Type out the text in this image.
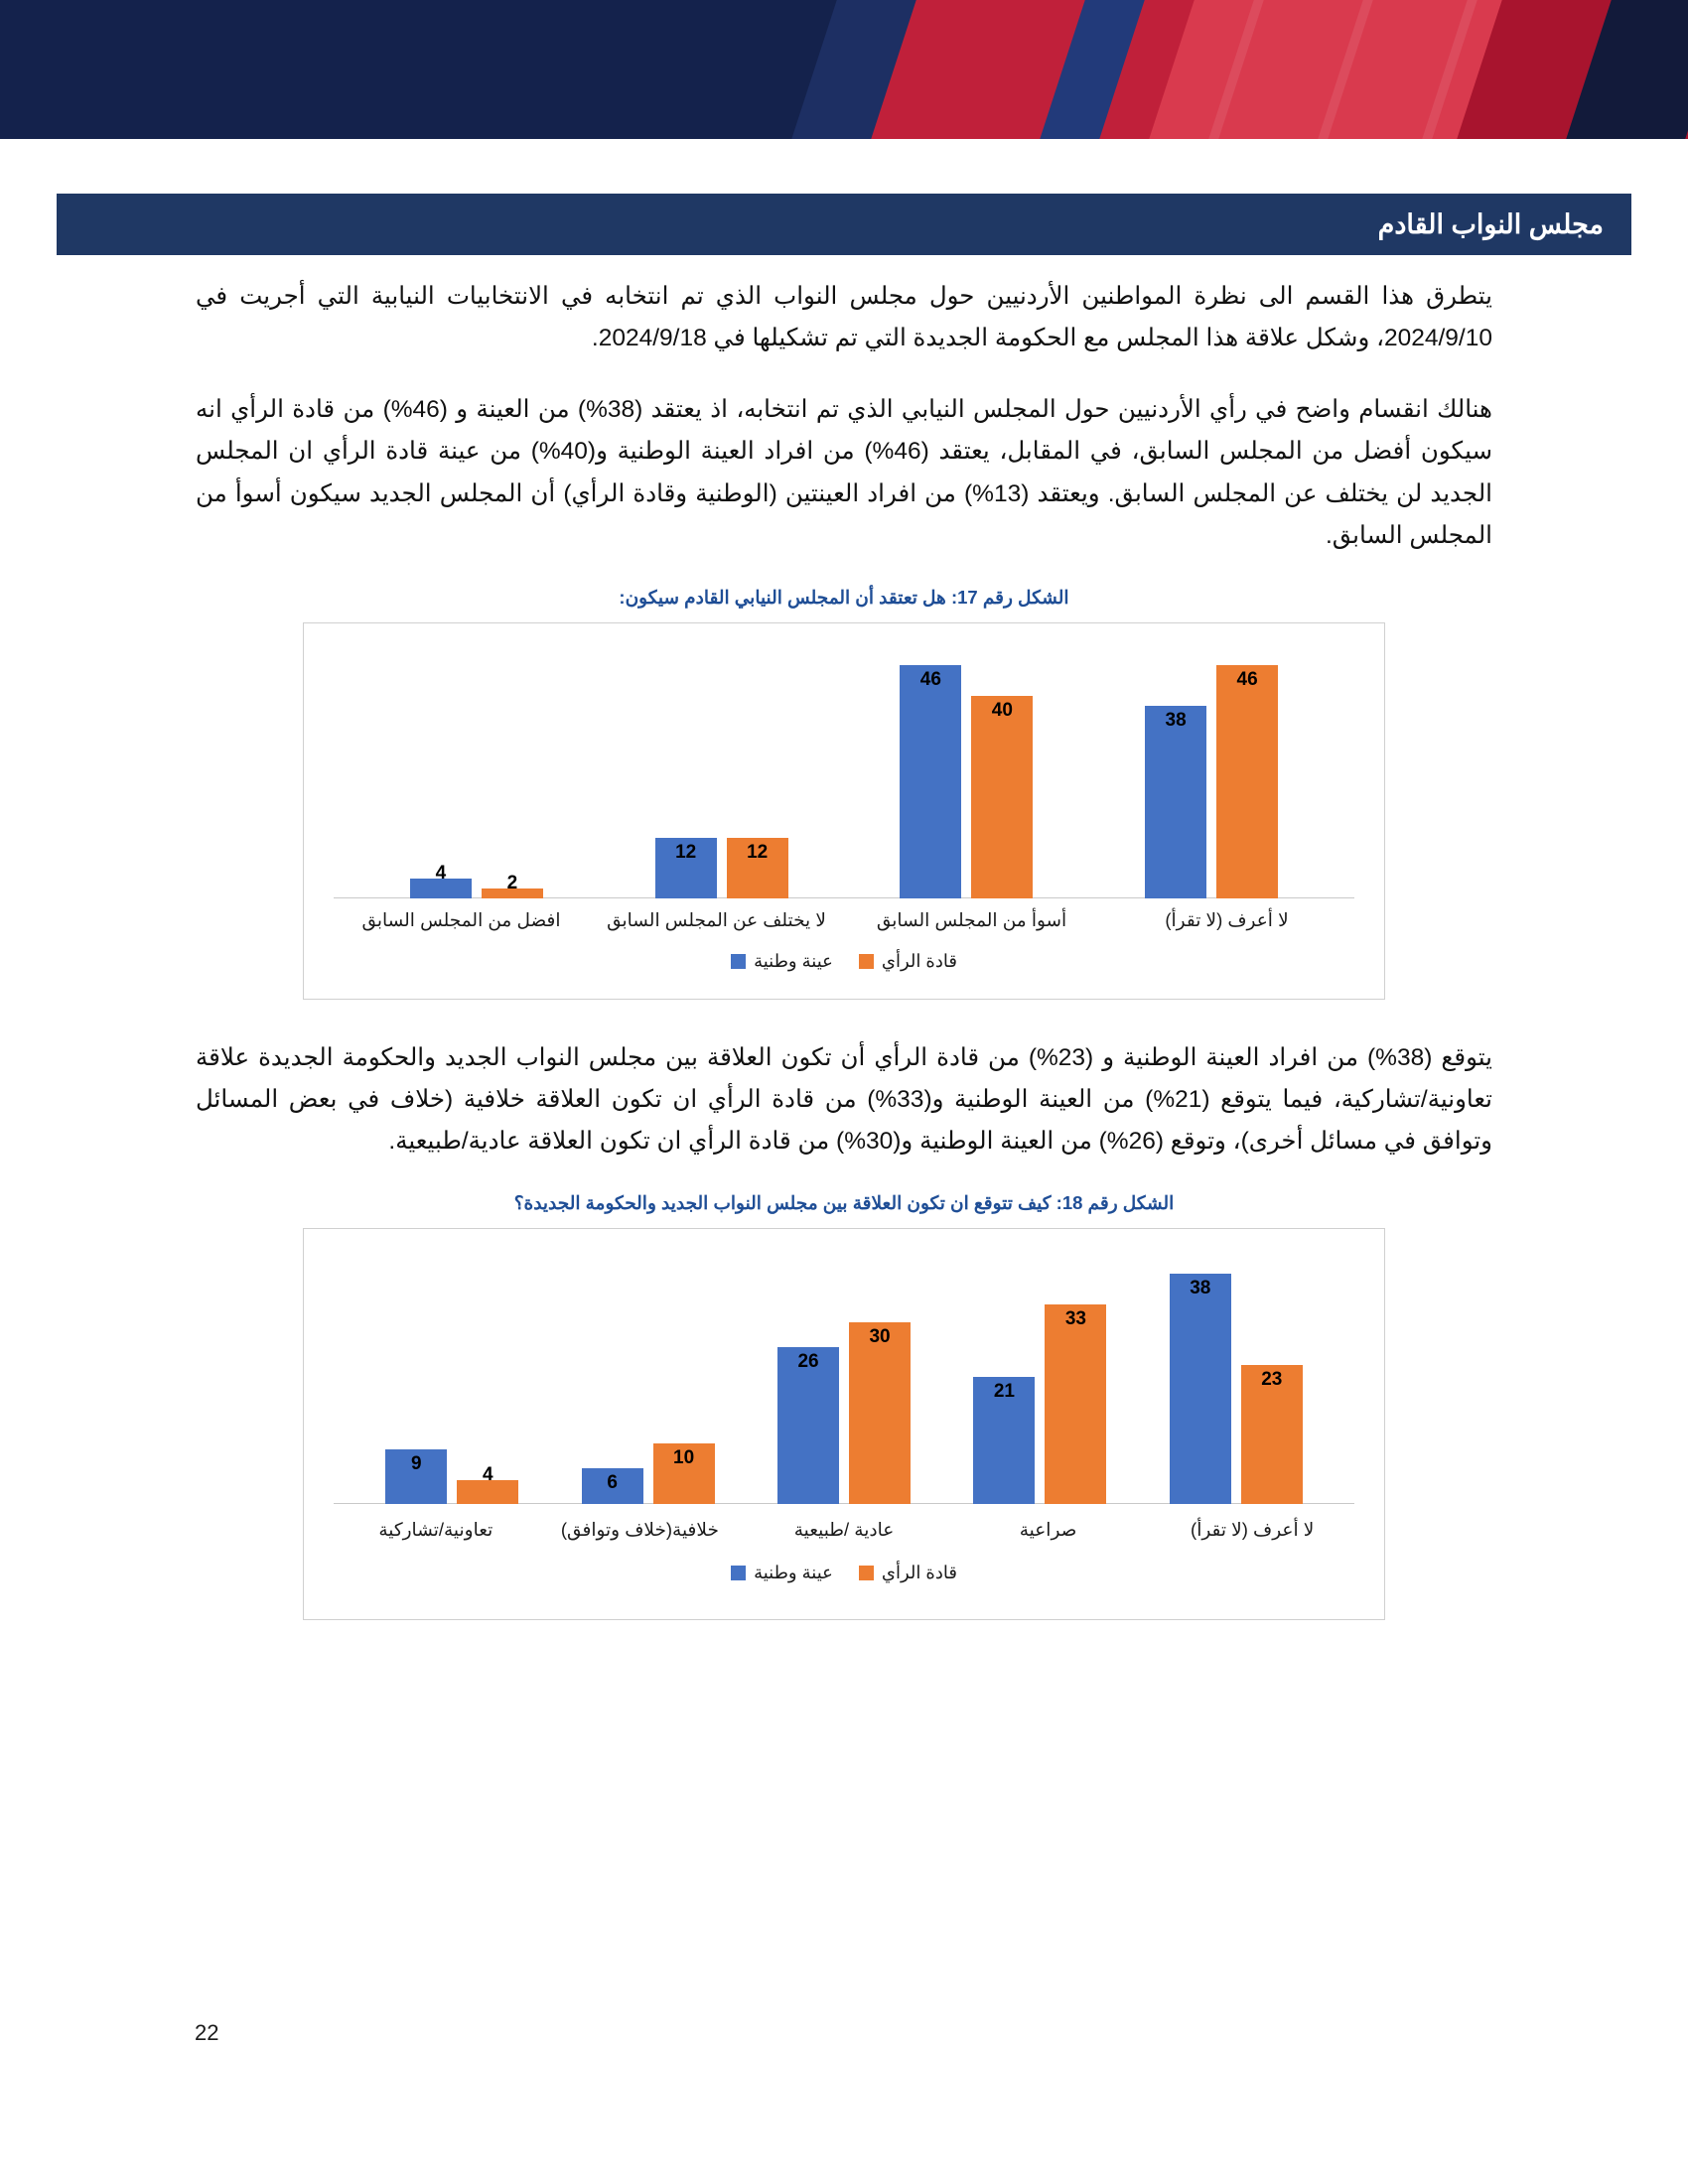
مجلس النواب القادم

يتطرق هذا القسم الى نظرة المواطنين الأردنيين حول مجلس النواب الذي تم انتخابه في الانتخابيات النيابية التي أجريت في 2024/9/10، وشكل علاقة هذا المجلس مع الحكومة الجديدة التي تم تشكيلها في 2024/9/18.

هنالك انقسام واضح في رأي الأردنيين حول المجلس النيابي الذي تم انتخابه، اذ يعتقد (38%) من العينة و (46%) من قادة الرأي انه سيكون أفضل من المجلس السابق، في المقابل، يعتقد (46%) من افراد العينة الوطنية و(40%) من عينة قادة الرأي ان المجلس الجديد لن يختلف عن المجلس السابق. ويعتقد (13%) من افراد العينتين (الوطنية وقادة الرأي) أن المجلس الجديد سيكون أسوأ من المجلس السابق.

الشكل رقم 17: هل تعتقد أن المجلس النيابي القادم سيكون:
38
46
46
40
12	12
4	2
افضل من المجلس السابق	لا يختلف عن المجلس السابق	أسوأ من المجلس السابق	لا أعرف (لا تقرأ)
عينة وطنية	قادة الرأي

يتوقع (38%) من افراد العينة الوطنية و (23%) من قادة الرأي أن تكون العلاقة بين مجلس النواب الجديد والحكومة الجديدة علاقة تعاونية/تشاركية، فيما يتوقع (21%) من العينة الوطنية و(33%) من قادة الرأي ان تكون العلاقة خلافية (خلاف في بعض المسائل وتوافق في مسائل أخرى)، وتوقع (26%) من العينة الوطنية و(30%) من قادة الرأي ان تكون العلاقة عادية/طبيعية.

الشكل رقم 18: كيف تتوقع ان تكون العلاقة بين مجلس النواب الجديد والحكومة الجديدة؟
38
23
21
33
26
30
6
10
9
4
تعاونية/تشاركية	خلافية(خلاف وتوافق)	عادية /طبيعية	صراعية	لا أعرف (لا تقرأ)
عينة وطنية	قادة الرأي
22
